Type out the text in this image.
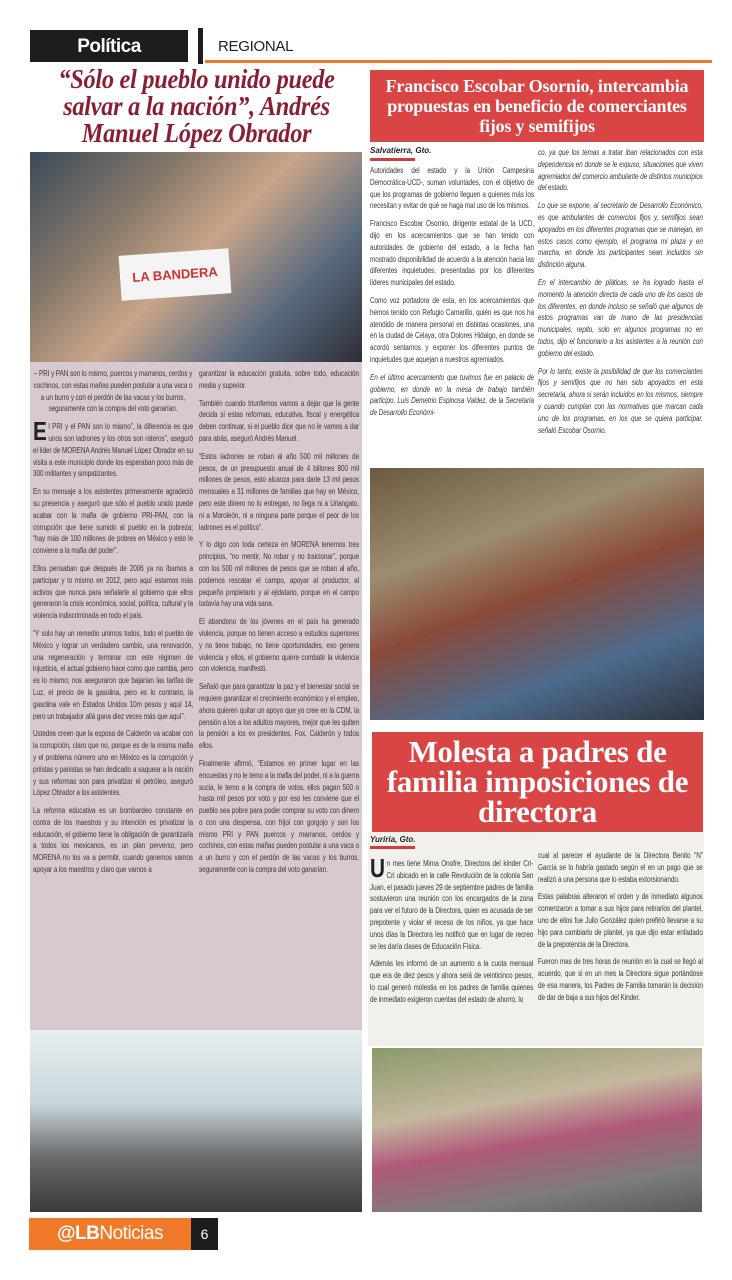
Política	REGIONAL
“Sólo el pueblo unido puede salvar a la nación”, Andrés Manuel López Obrador
Francisco Escobar Osornio, intercambia propuestas en beneficio de comerciantes fijos y semifijos
LA BANDERA

– PRI y PAN son lo mismo, puercos y marranos, cerdos y cochinos, con estas mañas pueden postular a una vaca o a un burro y con el perdón de las vacas y los burros, seguramente con la compra del voto ganarían.

El PRI y el PAN son lo mismo”, la diferencia es que unos son ladrones y los otros son rateros”, aseguró el líder de MORENA Andrés Manuel López Obrador en su visita a este municipio donde los esperaban poco más de 300 militantes y simpatizantes.

En su mensaje a los asistentes primeramente agradeció su presencia y aseguró que sólo el pueblo unido puede acabar con la mafia de gobierno PRI-PAN, con la corrupción que tiene sumido al pueblo en la pobreza; “hay más de 100 millones de pobres en México y esto le conviene a la mafia del poder”.

Ellos pensaban que después de 2006 ya no íbamos a participar y lo mismo en 2012, pero aquí estamos más activos que nunca para señalarle al gobierno que ellos generaron la crisis económica, social, política, cultural y la violencia indiscriminada en todo el país.

“Y solo hay un remedio unirnos todos, todo el pueblo de México y lograr un verdadero cambio, una renovación, una regeneración y terminar con este régimen de injusticia, el actual gobierno hace como que cambia, pero es lo mismo; nos aseguraron que bajarían las tarifas de Luz, el precio de la gasolina, pero es lo contrario, la gasolina vale en Estados Unidos 10m pesos y aquí 14, pero un trabajador allá gana diez veces más que aquí”.

Ustedes creen que la esposa de Calderón va acabar con la corrupción, claro que no, porque es de la misma mafia y el problema número uno en México es la corrupción y priístas y panistas se han dedicado a saquear a la nación y sus reformas son para privatizar el petróleo, aseguró López Obrador a los asistentes.

La reforma educativa es un bombardeo constante en contra de los maestros y su intención es privatizar la educación, el gobierno tiene la obligación de garantizarla a todos los mexicanos, es un plan perverso, pero MORENA no los va a permitir, cuando ganemos vamos apoyar a los maestros y claro que vamos a

garantizar la educación gratuita, sobre todo, educación media y superior.

También cuando triunfemos vamos a dejar que la gente decida si estas reformas, educativa, fiscal y energética deben continuar, si el pueblo dice que no le vamos a dar para atrás, aseguró Andrés Manuel.

“Estos ladrones se roban al año 500 mil millones de pesos, de un presupuesto anual de 4 billones 800 mil millones de pesos, esto alcanza para darle 13 mil pesos mensuales a 31 millones de familias que hay en México, pero este dinero no lo entregan, no llega ni a Uriangato, ni a Moroleón, ni a ninguna parte porque el peor de los ladrones es el político”.

Y lo digo con toda certeza en MORENA tenemos tres principios, “no mentir, No robar y no traicionar”, porque con los 500 mil millones de pesos que se roban al año, podemos rescatar el campo, apoyar al productor, al pequeño propietario y al ejidatario, porque en el campo todavía hay una vida sana.

El abandono de los jóvenes en el país ha generado violencia, porque no tienen acceso a estudios superiores y no tiene trabajo, no tiene oportunidades, eso genera violencia y ellos, el gobierno quiere combatir la violencia con violencia, manifestó.

Señaló que para garantizar la paz y el bienestar social se requiere garantizar el crecimiento económico y el empleo, ahora quieren quitar un apoyo que yo cree en la CDM, la pensión a los a los adultos mayores, mejor que les quiten la pensión a los ex presidentes, Fox, Calderón y todos ellos.

Finalmente afirmó, “Estamos en primer lugar en las encuestas y no le temo a la mafia del poder, ni a la guerra sucia, le temo a la compra de votos, ellos pagan 500 o hasta mil pesos por voto y por eso les conviene que el pueblo sea pobre para poder comprar su voto con dinero o con una despensa, con frijol con gorgojo y son los mismo PRI y PAN puercos y marranos, cerdos y cochinos, con estas mañas pueden postular a una vaca o a un burro y con el perdón de las vacas y los burros, seguramente con la compra del voto ganarían.

Salvatierra, Gto.

Autoridades del estado y la Unión Campesina Democrática-UCD-, suman voluntades, con el objetivo de que los programas de gobierno lleguen a quienes más los necesitan y evitar de qué se haga mal uso de los mismos.

Francisco Escobar Osornio, dirigente estatal de la UCD, dijo en los acercamientos que se han tenido con autoridades de gobierno del estado, a la fecha han mostrado disponibilidad de acuerdo a la atención hacia las diferentes inquietudes, presentadas por los diferentes líderes municipales del estado.

Como voz portadora de esta, en los acercamientos que hemos tenido con Refugio Camarillo, quién es que nos ha atendido de manera personal en distintas ocasiones, una en la ciudad de Celaya, otra Dolores Hidalgo, en donde se acordó sentarnos y exponer los diferentes puntos de inquietudes que aquejan a nuestros agremiados.

En el último acercamiento que tuvimos fue en palacio de gobierno, en donde en la mesa de trabajo también participo, Luis Demetrio Espinosa Valdez, de la Secretaria de Desarrollo Económi-

co, ya que los temas a tratar iban relacionados con esta dependencia en donde se le expuso, situaciones que viven agremiados del comercio ambulante de distintos municipios del estado.

Lo que se expone, al secretario de Desarrollo Económico, es que ambulantes de comercios fijos y, semifijos sean apoyados en los diferentes programas que se manejan, en estos casos como ejemplo, el programa mi plaza y en marcha, en donde los participantes sean incluidos sin distinción alguna.

En el intercambio de pláticas, se ha logrado hasta el momento la atención directa de cada uno de los casos de los diferentes, en donde incluso se señaló que algunos de estos programas van de mano de las presidencias municipales, repito, solo en algunos programas no en todos, dijo el funcionario a los asistentes a la reunión con gobierno del estado.

Por lo tanto, existe la posibilidad de que los comerciantes fijos y semifijos que no han sido apoyados en esta secretaria, ahora si serán incluidos en los mismos, siempre y cuando cumplan con las normativas que marcan cada uno de los programas, en los que se quiera participar, señaló Escobar Osornio.

Molesta a padres de familia imposiciones de directora
Yuriria, Gto.

Un mes tiene Mirna Onofre, Directora del kínder Cri-Cri ubicado en la calle Revolución de la colonia San Juan, el pasado jueves 29 de septiembre padres de familia sostuvieron una reunión con los encargados de la zona para ver el futuro de la Directora, quien es acusada de ser prepotente y violar el receso de los niños, ya que hace unos días la Directora les notificó que en lugar de recreo se les daría clases de Educación Física.

Además les informó de un aumento a la cuota mensual que era de diez pesos y ahora será de veinticinco pesos, lo cual generó molestia en los padres de familia quienes de inmediato exigieron cuentas del estado de ahorro, lo

cual al parecer el ayudante de la Directora Benito “N” García se lo habría gastado según el en un pago que se realizó a una persona que lo estaba extorsionando.

Estas palabras alteraron el orden y de inmediato algunos comenzaron a tomar a sus hijos para retirarlos del plantel, uno de ellos fue Julio González quien prefirió llevarse a su hijo para cambiarlo de plantel, ya que dijo estar enfadado de la prepotencia de la Directora.

Fueron mas de tres horas de reunión en la cual se llegó al acuerdo, que si en un mes la Directora sigue portándose de esa manera, los Padres de Familia tomarán la decisión de dar de baja a sus hijos del Kinder.

@LBNoticias	6
